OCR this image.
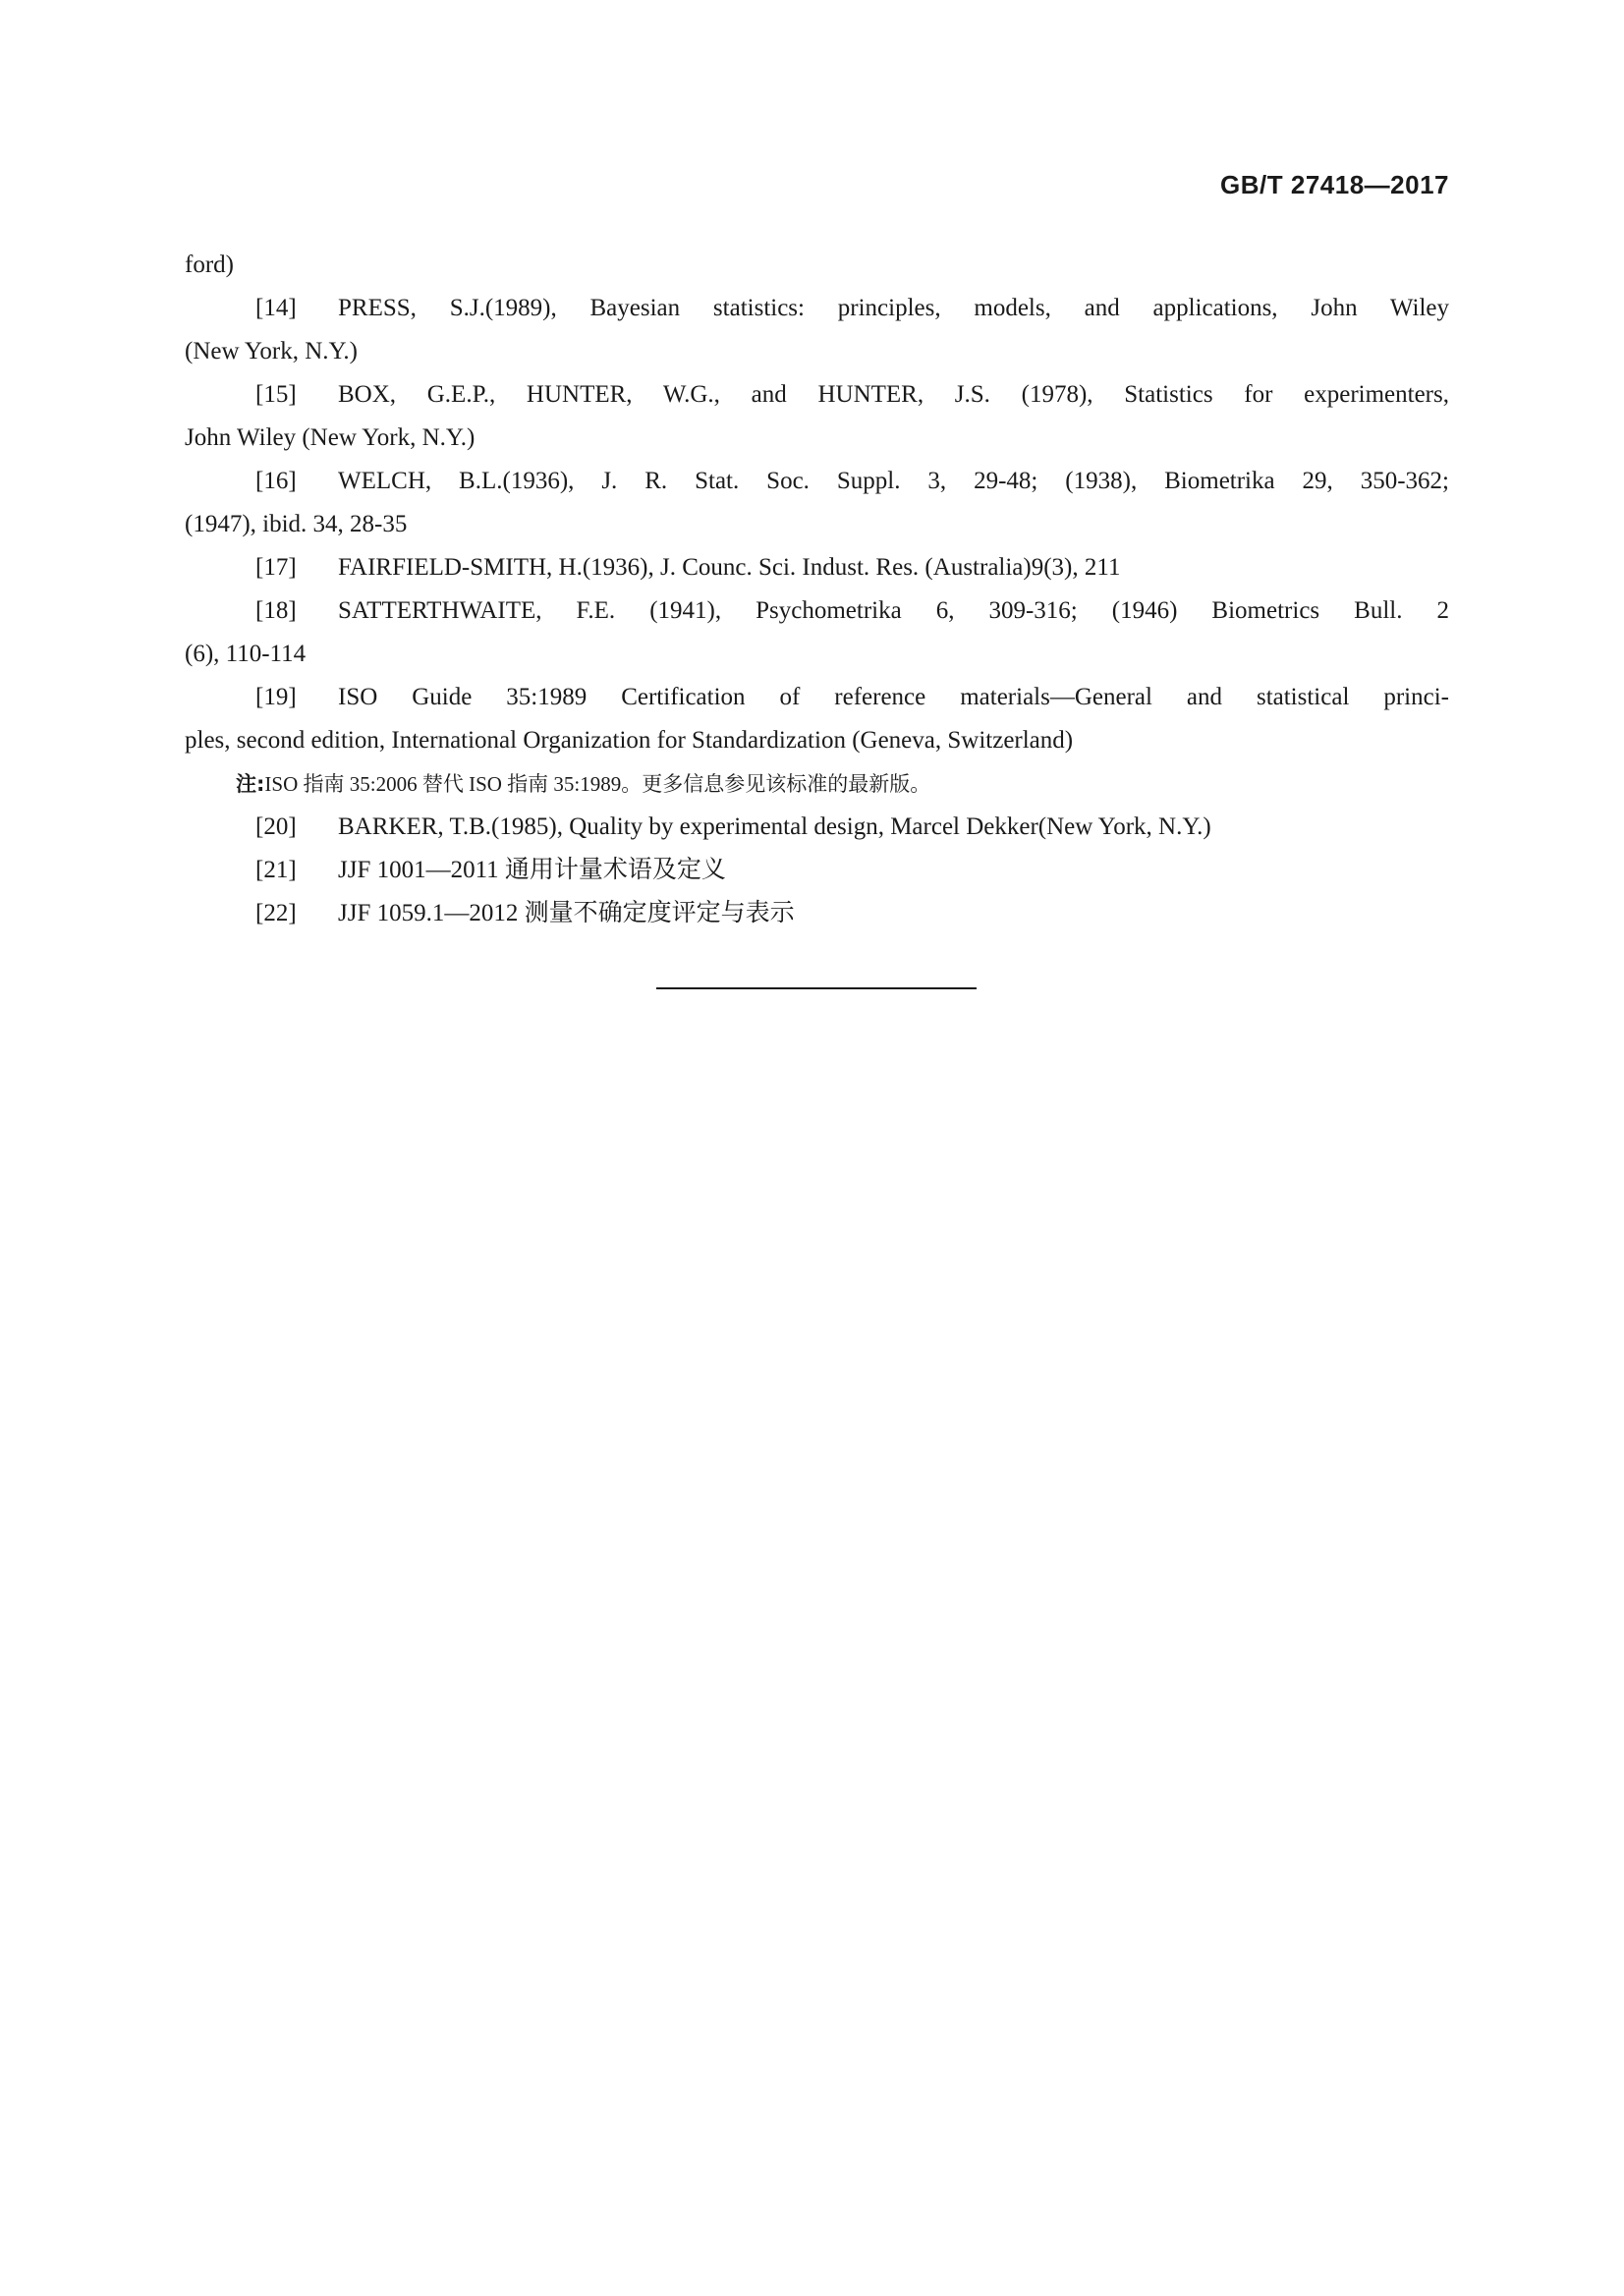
GB/T 27418—2017
ford)
[14] PRESS, S.J.(1989), Bayesian statistics: principles, models, and applications, John Wiley
(New York, N.Y.)
[15] BOX, G.E.P., HUNTER, W.G., and HUNTER, J.S. (1978), Statistics for experimenters,
John Wiley (New York, N.Y.)
[16] WELCH, B.L.(1936), J. R. Stat. Soc. Suppl. 3, 29-48; (1938), Biometrika 29, 350-362;
(1947), ibid. 34, 28-35
[17] FAIRFIELD-SMITH, H.(1936), J. Counc. Sci. Indust. Res. (Australia)9(3), 211
[18] SATTERTHWAITE, F.E. (1941), Psychometrika 6, 309-316; (1946) Biometrics Bull. 2
(6), 110-114
[19] ISO Guide 35:1989 Certification of reference materials—General and statistical princi-
ples, second edition, International Organization for Standardization (Geneva, Switzerland)
注:ISO 指南 35:2006 替代 ISO 指南 35:1989。更多信息参见该标准的最新版。
[20] BARKER, T.B.(1985), Quality by experimental design, Marcel Dekker(New York, N.Y.)
[21] JJF 1001—2011 通用计量术语及定义
[22] JJF 1059.1—2012 测量不确定度评定与表示
